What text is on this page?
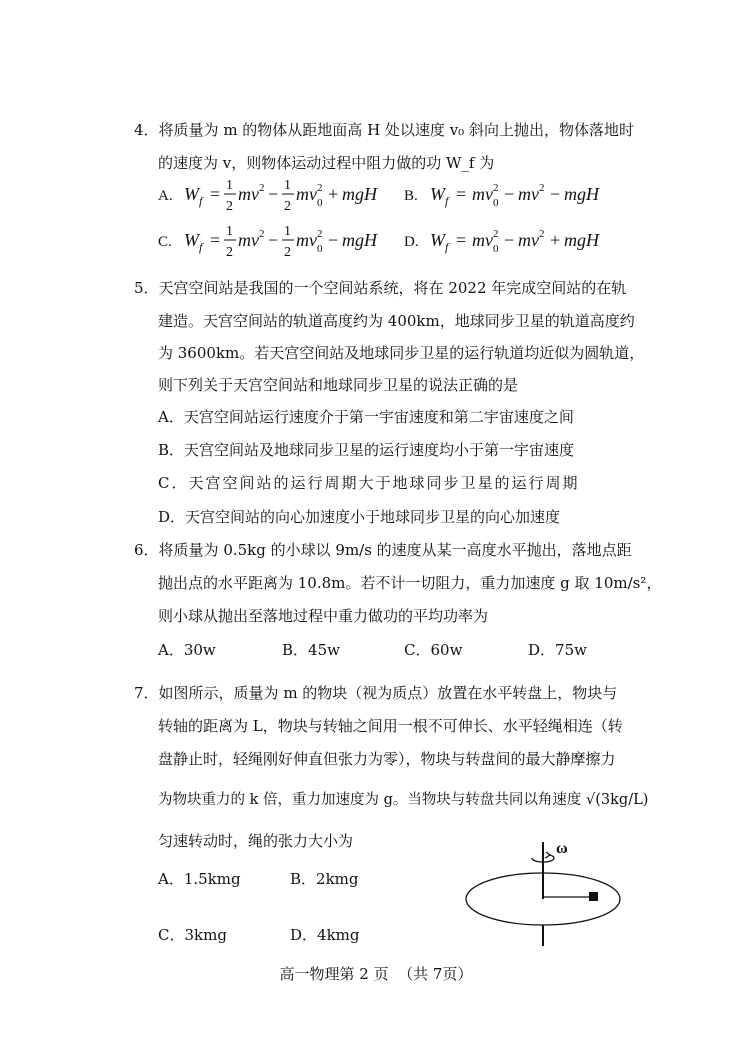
4．将质量为 m 的物体从距地面高 H 处以速度 v₀ 斜向上抛出，物体落地时
的速度为 v，则物体运动过程中阻力做的功 W_f 为
A. W f = 1
2
mv 2 − 1
2
mv 2
0 + mgH B. W f = mv 2
0 − mv 2 − mgH
C. W f = 1
2
mv 2 − 1
2
mv 2
0 − mgH D. W f = mv 2
0 − mv 2 + mgH
5．天宫空间站是我国的一个空间站系统，将在 2022 年完成空间站的在轨
建造。天宫空间站的轨道高度约为 400km，地球同步卫星的轨道高度约
为 3600km。若天宫空间站及地球同步卫星的运行轨道均近似为圆轨道，
则下列关于天宫空间站和地球同步卫星的说法正确的是
A．天宫空间站运行速度介于第一宇宙速度和第二宇宙速度之间
B．天宫空间站及地球同步卫星的运行速度均小于第一宇宙速度
C．天宫空间站的运行周期大于地球同步卫星的运行周期
D．天宫空间站的向心加速度小于地球同步卫星的向心加速度
6．将质量为 0.5kg 的小球以 9m/s 的速度从某一高度水平抛出，落地点距
抛出点的水平距离为 10.8m。若不计一切阻力，重力加速度 g 取 10m/s²，
则小球从抛出至落地过程中重力做功的平均功率为
A．30w	B．45w	C．60w	D．75w
7．如图所示，质量为 m 的物块（视为质点）放置在水平转盘上，物块与
转轴的距离为 L，物块与转轴之间用一根不可伸长、水平轻绳相连（转
盘静止时，轻绳刚好伸直但张力为零），物块与转盘间的最大静摩擦力
为物块重力的 k 倍，重力加速度为 g。当物块与转盘共同以角速度 √(3kg/L)
匀速转动时，绳的张力大小为
A．1.5kmg	B．2kmg
C．3kmg	D．4kmg
ω
高一物理第 2 页  （共 7页）
